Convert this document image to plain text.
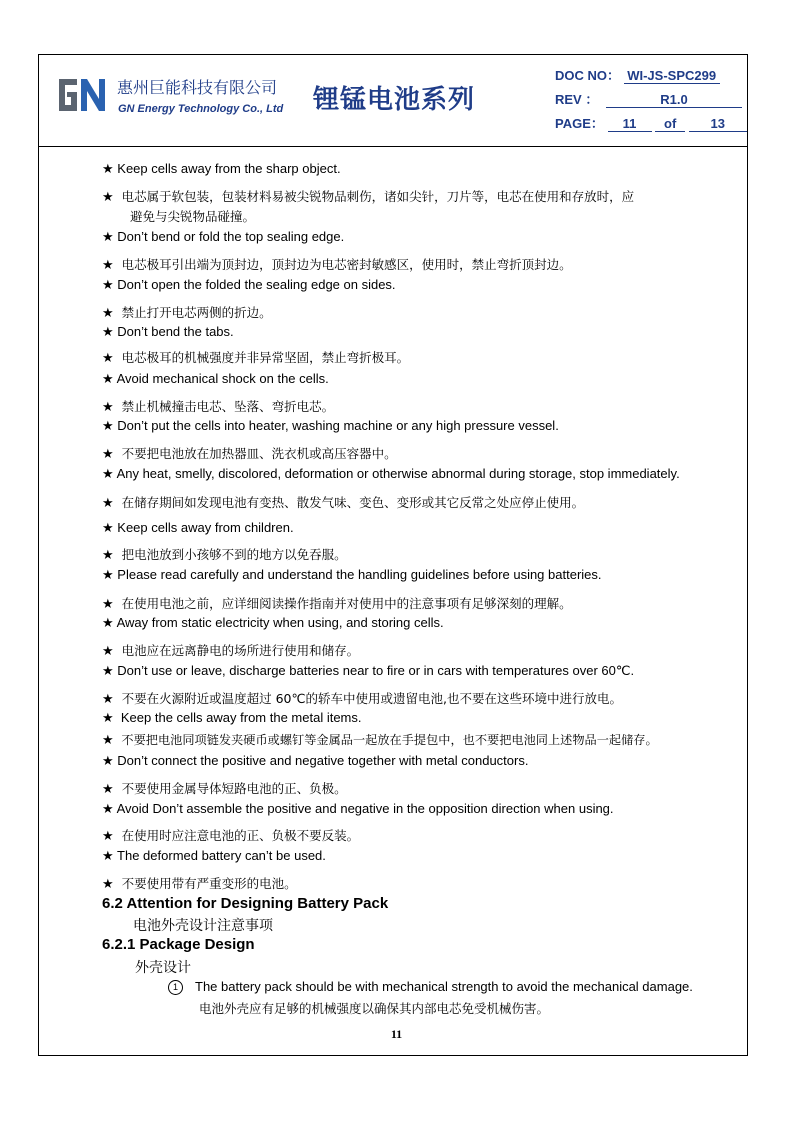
惠州巨能科技有限公司
GN Energy Technology Co., Ltd 锂锰电池系列
DOC NO： WI-JS-SPC299
REV ：	R1.0
PAGE： 11 of	13
★ Keep cells away from the sharp object.
★ 电芯属于软包装，包装材料易被尖锐物品刺伤，诸如尖针，刀片等，电芯在使用和存放时，应
避免与尖锐物品碰撞。
★ Don’t bend or fold the top sealing edge.
★ 电芯极耳引出端为顶封边，顶封边为电芯密封敏感区，使用时，禁止弯折顶封边。
★ Don’t open the folded the sealing edge on sides.
★ 禁止打开电芯两侧的折边。
★ Don’t bend the tabs.
★ 电芯极耳的机械强度并非异常坚固，禁止弯折极耳。
★ Avoid mechanical shock on the cells.
★ 禁止机械撞击电芯、坠落、弯折电芯。
★ Don’t put the cells into heater, washing machine or any high pressure vessel.
★ 不要把电池放在加热器皿、洗衣机或高压容器中。
★ Any heat, smelly, discolored, deformation or otherwise abnormal during storage, stop immediately.
★ 在储存期间如发现电池有变热、散发气味、变色、变形或其它反常之处应停止使用。
★ Keep cells away from children.
★ 把电池放到小孩够不到的地方以免吞服。
★ Please read carefully and understand the handling guidelines before using batteries.
★ 在使用电池之前，应详细阅读操作指南并对使用中的注意事项有足够深刻的理解。
★ Away from static electricity when using, and storing cells.
★ 电池应在远离静电的场所进行使用和储存。
★ Don’t use or leave, discharge batteries near to fire or in cars with temperatures over 60℃.
★ 不要在火源附近或温度超过 60℃的轿车中使用或遗留电池,也不要在这些环境中进行放电。
★ Keep the cells away from the metal items.
★ 不要把电池同项链发夹硬币或螺钉等金属品一起放在手提包中，也不要把电池同上述物品一起储存。
★ Don’t connect the positive and negative together with metal conductors.
★ 不要使用金属导体短路电池的正、负极。
★ Avoid Don’t assemble the positive and negative in the opposition direction when using.
★ 在使用时应注意电池的正、负极不要反装。
★ The deformed battery can’t be used.
★ 不要使用带有严重变形的电池。
6.2 Attention for Designing Battery Pack
电池外壳设计注意事项
6.2.1 Package Design
外壳设计
1 The battery pack should be with mechanical strength to avoid the mechanical damage.
电池外壳应有足够的机械强度以确保其内部电芯免受机械伤害。
11
